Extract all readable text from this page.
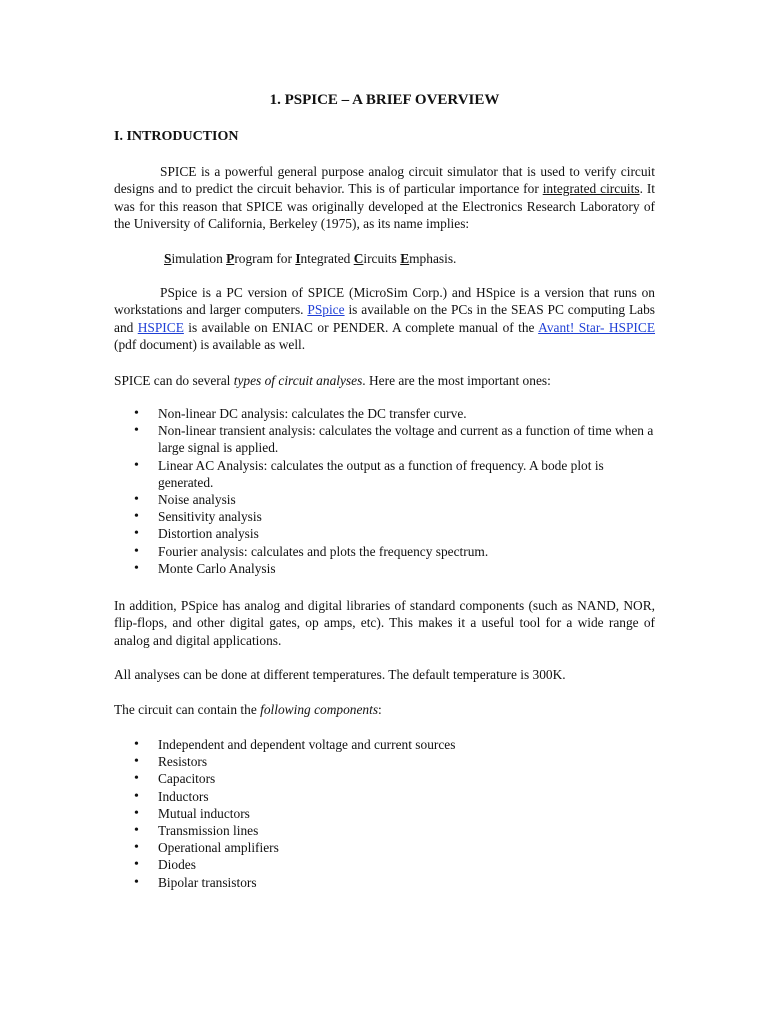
1. PSPICE – A BRIEF OVERVIEW
I. INTRODUCTION

SPICE is a powerful general purpose analog circuit simulator that is used to verify circuit designs and to predict the circuit behavior. This is of particular importance for integrated circuits. It was for this reason that SPICE was originally developed at the Electronics Research Laboratory of the University of California, Berkeley (1975), as its name implies:

Simulation Program for Integrated Circuits Emphasis.

PSpice is a PC version of SPICE (MicroSim Corp.) and HSpice is a version that runs on workstations and larger computers. PSpice is available on the PCs in the SEAS PC computing Labs and HSPICE is available on ENIAC or PENDER. A complete manual of the Avant! Star- HSPICE (pdf document) is available as well.

SPICE can do several types of circuit analyses. Here are the most important ones:

• Non-linear DC analysis: calculates the DC transfer curve.
• Non-linear transient analysis: calculates the voltage and current as a function of time when a large signal is applied.
• Linear AC Analysis: calculates the output as a function of frequency. A bode plot is generated.
• Noise analysis
• Sensitivity analysis
• Distortion analysis
• Fourier analysis: calculates and plots the frequency spectrum.
• Monte Carlo Analysis

In addition, PSpice has analog and digital libraries of standard components (such as NAND, NOR, flip-flops, and other digital gates, op amps, etc). This makes it a useful tool for a wide range of analog and digital applications.

All analyses can be done at different temperatures. The default temperature is 300K.

The circuit can contain the following components:

• Independent and dependent voltage and current sources
• Resistors
• Capacitors
• Inductors
• Mutual inductors
• Transmission lines
• Operational amplifiers
• Diodes
• Bipolar transistors
